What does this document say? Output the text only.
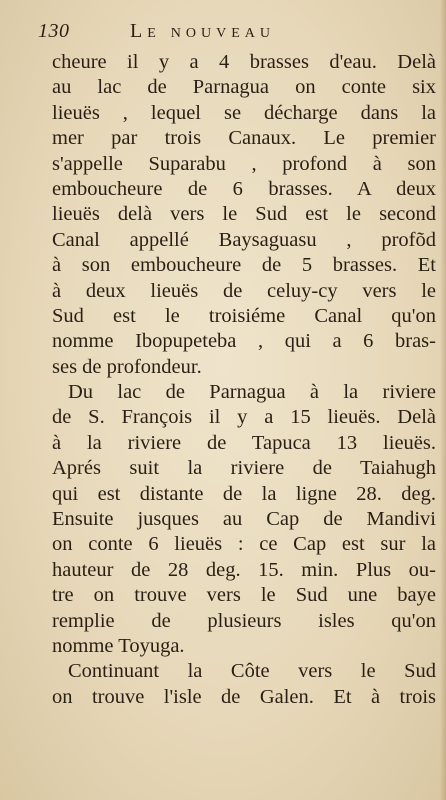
130	Le nouveau
cheure il y a 4 brasses d'eau. Delà
au lac de Parnagua on conte six
lieuës , lequel se décharge dans la
mer par trois Canaux. Le premier
s'appelle Suparabu , profond à son
emboucheure de 6 brasses. A deux
lieuës delà vers le Sud est le second
Canal appellé Baysaguasu , profõd
à son emboucheure de 5 brasses. Et
à deux lieuës de celuy-cy vers le
Sud est le troisiéme Canal qu'on
nomme Ibopupeteba , qui a 6 bras-
ses de profondeur.
Du lac de Parnagua à la riviere
de S. François il y a 15 lieuës. Delà
à la riviere de Tapuca 13 lieuës.
Aprés suit la riviere de Taiahugh
qui est distante de la ligne 28. deg.
Ensuite jusques au Cap de Mandivi
on conte 6 lieuës : ce Cap est sur la
hauteur de 28 deg. 15. min. Plus ou-
tre on trouve vers le Sud une baye
remplie de plusieurs isles qu'on
nomme Toyuga.
Continuant la Côte vers le Sud
on trouve l'isle de Galen. Et à trois
